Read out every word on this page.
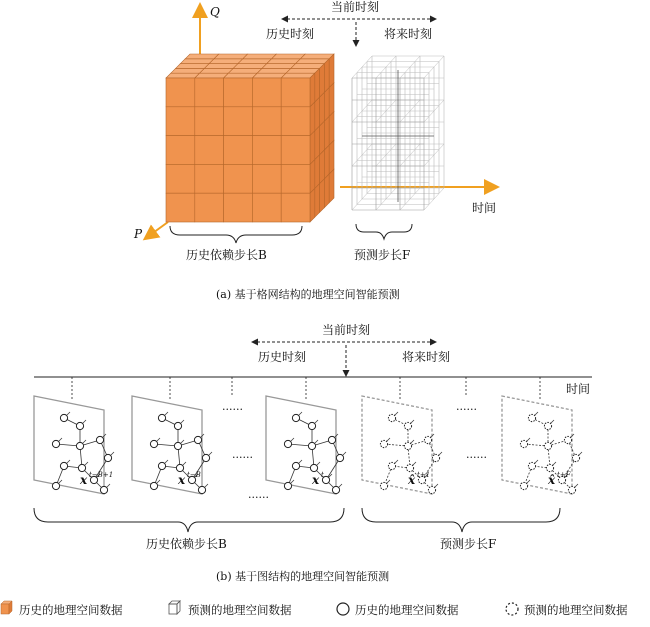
Q
P
时间
当前时刻
历史时刻	将来时刻
历史依赖步长B	预测步长F
(a) 基于格网结构的地理空间智能预测
当前时刻
历史时刻	将来时刻
时间
x t−B+1	x t−B	x t	x̂ t+1	x̂ t+F
......
......
......
......
......
历史依赖步长B	预测步长F
(b) 基于图结构的地理空间智能预测
历史的地理空间数据	预测的地理空间数据	历史的地理空间数据	预测的地理空间数据
